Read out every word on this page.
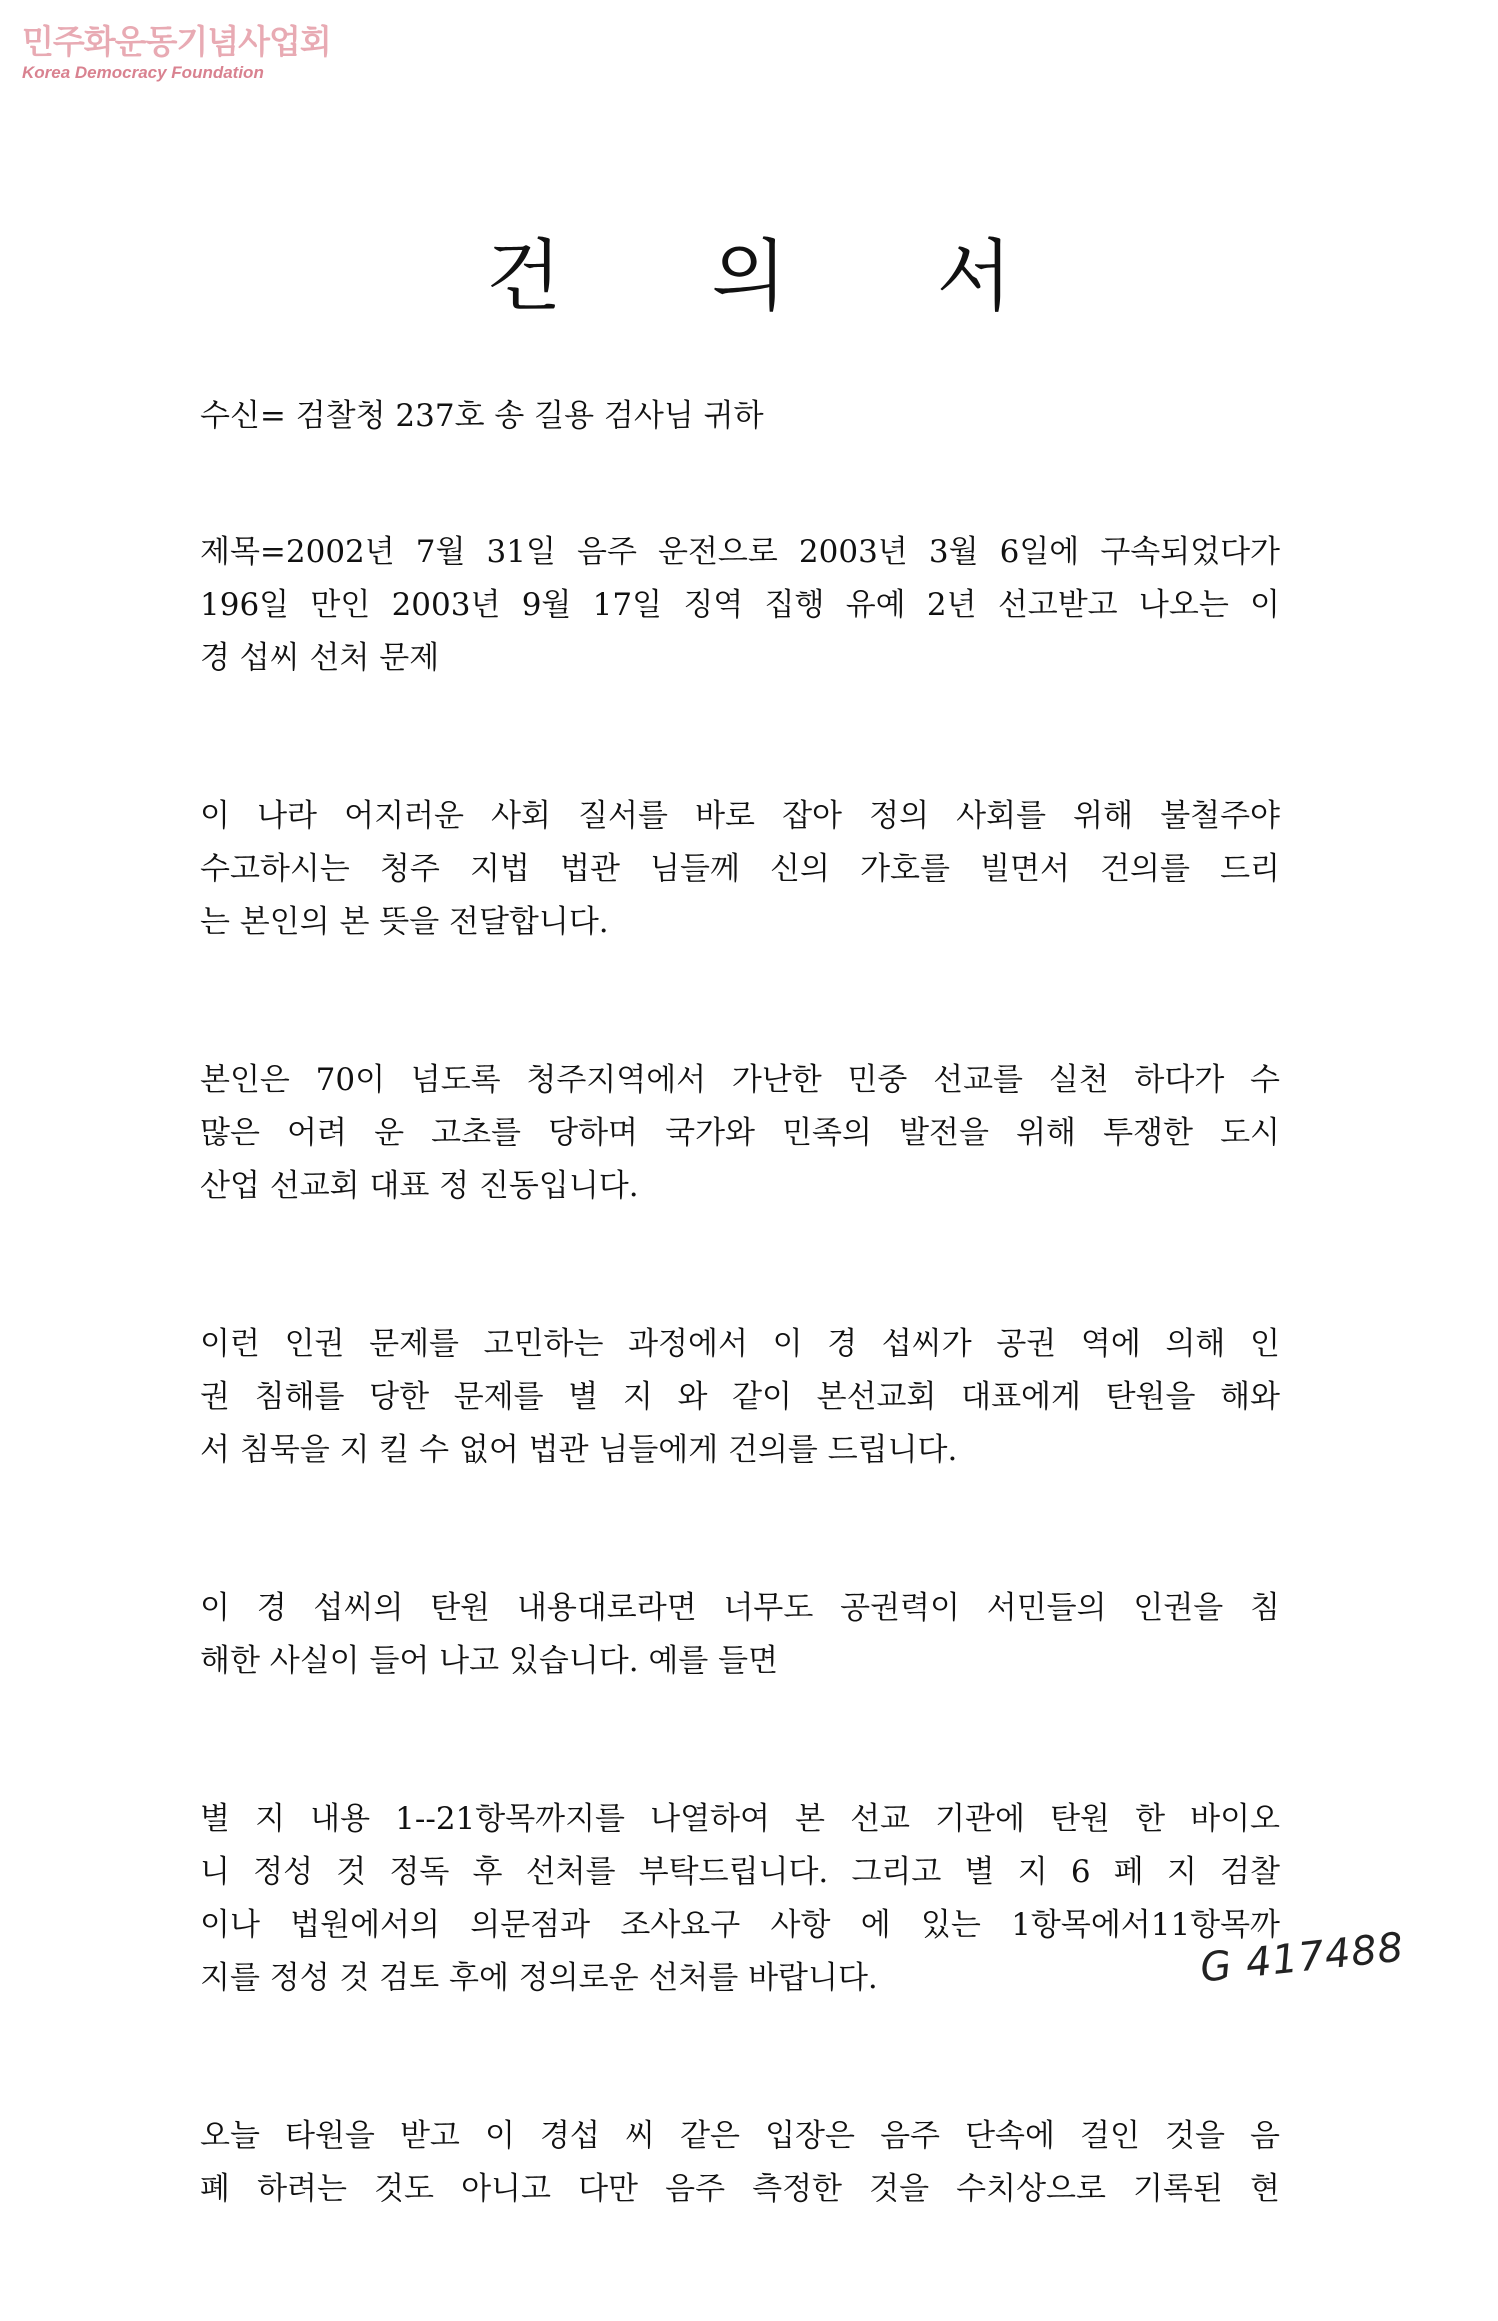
민주화운동기념사업회
Korea Democracy Foundation
건의서
수신= 검찰청 237호 송 길용 검사님 귀하
제목=2002년 7월 31일 음주 운전으로 2003년 3월 6일에 구속되었다가
196일 만인 2003년 9월 17일 징역 집행 유예 2년 선고받고 나오는 이
경 섭씨 선처 문제
이 나라 어지러운 사회 질서를 바로 잡아 정의 사회를 위해 불철주야
수고하시는 청주 지법 법관 님들께 신의 가호를 빌면서 건의를 드리
는 본인의 본 뜻을 전달합니다.
본인은 70이 넘도록 청주지역에서 가난한 민중 선교를 실천 하다가 수
많은 어려 운 고초를 당하며 국가와 민족의 발전을 위해 투쟁한 도시
산업 선교회 대표 정 진동입니다.
이런 인권 문제를 고민하는 과정에서 이 경 섭씨가 공권 역에 의해 인
권 침해를 당한 문제를 별 지 와 같이 본선교회 대표에게 탄원을 해와
서 침묵을 지 킬 수 없어 법관 님들에게 건의를 드립니다.
이 경 섭씨의 탄원 내용대로라면 너무도 공권력이 서민들의 인권을 침
해한 사실이 들어 나고 있습니다. 예를 들면
별 지 내용 1--21항목까지를 나열하여 본 선교 기관에 탄원 한 바이오
니 정성 것 정독 후 선처를 부탁드립니다. 그리고 별 지 6 페 지 검찰
이나 법원에서의 의문점과 조사요구 사항 에 있는 1항목에서11항목까
지를 정성 것 검토 후에 정의로운 선처를 바랍니다.
오늘 타원을 받고 이 경섭 씨 같은 입장은 음주 단속에 걸인 것을 음
폐 하려는 것도 아니고 다만 음주 측정한 것을 수치상으로 기록된 현
G 417488
